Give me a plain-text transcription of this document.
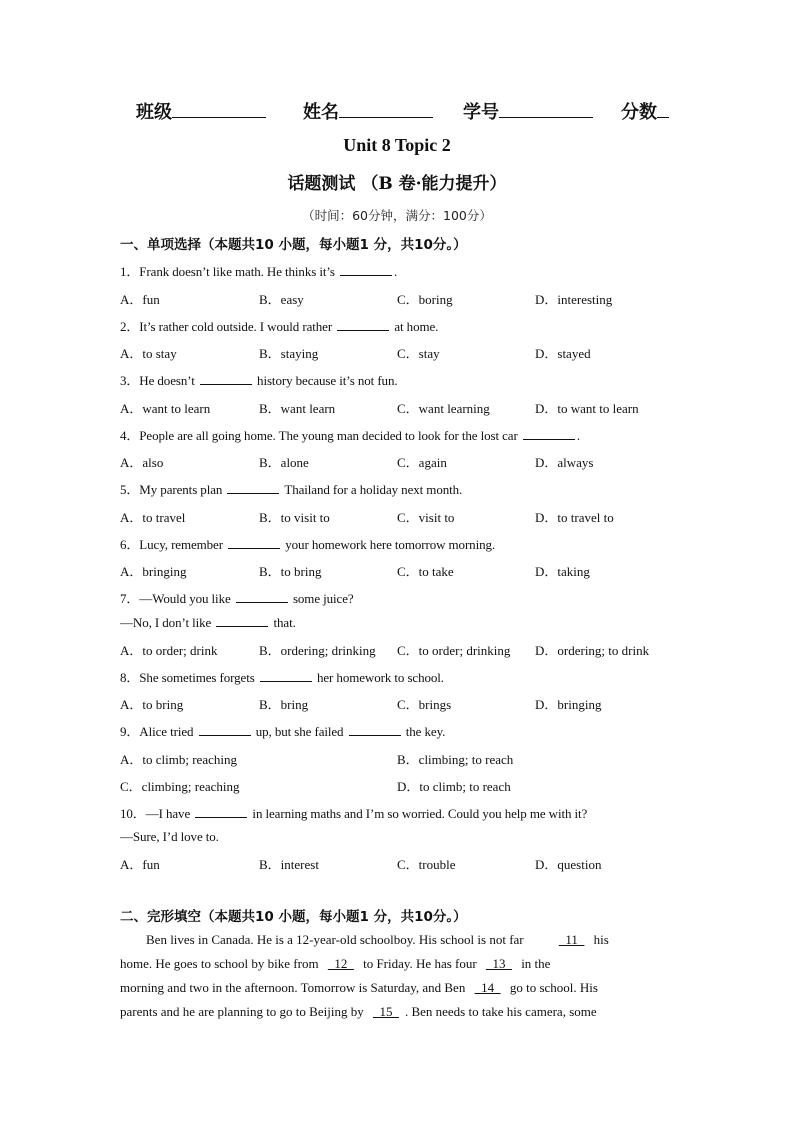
班级	姓名	学号	分数
Unit 8 Topic 2
话题测试 （B 卷·能力提升）
（时间：60分钟，满分：100分）
一、单项选择（本题共10 小题，每小题1 分，共10分。）
1．Frank doesn’t like math. He thinks it’s	.
A．fun	B．easy	C．boring	D．interesting
2．It’s rather cold outside. I would rather	at home.
A．to stay	B．staying	C．stay	D．stayed
3．He doesn’t	history because it’s not fun.
A．want to learn	B．want learn	C．want learning	D．to want to learn
4．People are all going home. The young man decided to look for the lost car	.
A．also	B．alone	C．again	D．always
5．My parents plan	Thailand for a holiday next month.
A．to travel	B．to visit to	C．visit to	D．to travel to
6．Lucy, remember	your homework here tomorrow morning.
A．bringing	B．to bring	C．to take	D．taking
7．—Would you like	some juice?
—No, I don’t like	that.
A．to order; drink	B．ordering; drinking C．to order; drinking D．ordering; to drink
8．She sometimes forgets	her homework to school.
A．to bring	B．bring	C．brings	D．bringing
9．Alice tried	up, but she failed	the key.
A．to climb; reaching	B．climbing; to reach
C．climbing; reaching	D．to climb; to reach
10．—I have	in learning maths and I’m so worried. Could you help me with it?
—Sure, I’d love to.
A．fun	B．interest	C．trouble	D．question
二、完形填空（本题共10 小题，每小题1 分，共10分。）
Ben lives in Canada. He is a 12-year-old schoolboy. His school is not far   11   his
home. He goes to school by bike from   12   to Friday. He has four   13   in the
morning and two in the afternoon. Tomorrow is Saturday, and Ben   14   go to school. His
parents and he are planning to go to Beijing by   15  . Ben needs to take his camera, some
